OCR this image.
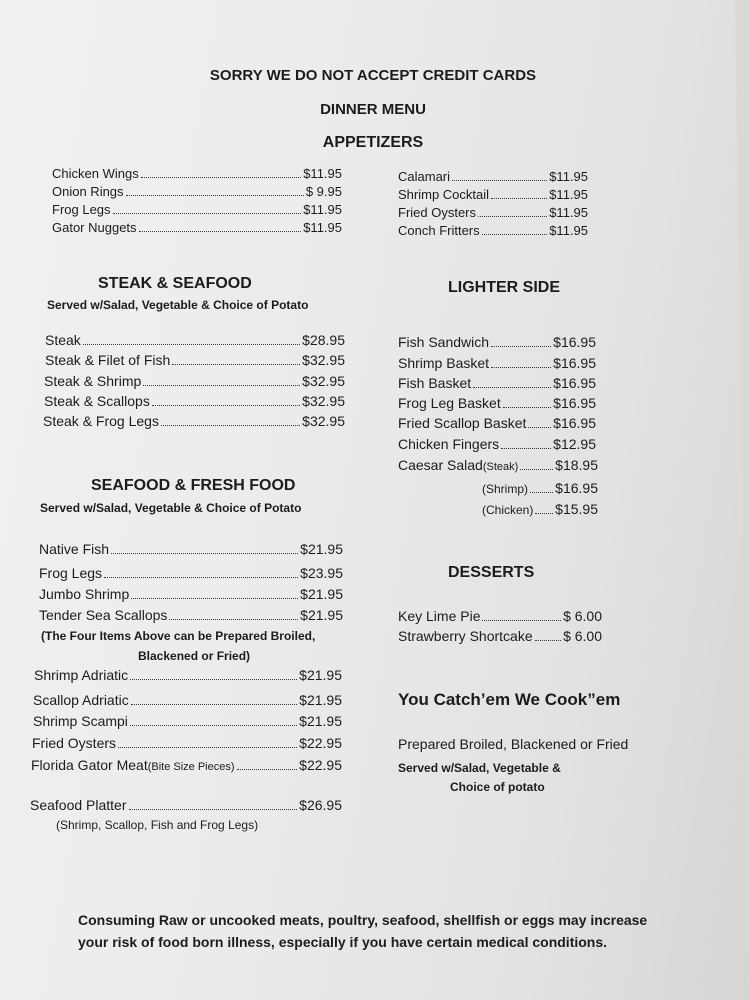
SORRY WE DO NOT ACCEPT CREDIT CARDS
DINNER MENU
APPETIZERS
Chicken Wings	$11.95
Onion Rings	$ 9.95
Frog Legs	$11.95
Gator Nuggets	$11.95
Calamari	$11.95
Shrimp Cocktail	$11.95
Fried Oysters	$11.95
Conch Fritters	$11.95
STEAK & SEAFOOD
Served w/Salad, Vegetable & Choice of Potato
Steak	$28.95
Steak & Filet of Fish	$32.95
Steak & Shrimp	$32.95
Steak & Scallops	$32.95
Steak & Frog Legs	$32.95
LIGHTER SIDE
Fish Sandwich	$16.95
Shrimp Basket	$16.95
Fish Basket	$16.95
Frog Leg Basket	$16.95
Fried Scallop Basket $16.95
Chicken Fingers	$12.95
Caesar Salad(Steak)	$18.95
(Shrimp) $16.95
(Chicken) $15.95
SEAFOOD & FRESH FOOD
Served w/Salad, Vegetable & Choice of Potato
Native Fish	$21.95
Frog Legs	$23.95
Jumbo Shrimp	$21.95
Tender Sea Scallops	$21.95
(The Four Items Above can be Prepared Broiled,
Blackened or Fried)
Shrimp Adriatic	$21.95
Scallop Adriatic	$21.95
Shrimp Scampi	$21.95
Fried Oysters	$22.95
Florida Gator Meat(Bite Size Pieces)	$22.95
Seafood Platter	$26.95
(Shrimp, Scallop, Fish and Frog Legs)
DESSERTS
Key Lime Pie	$ 6.00
Strawberry Shortcake $ 6.00
You Catch’em We Cook”em
Prepared Broiled, Blackened or Fried
Served w/Salad, Vegetable &
Choice of potato
Consuming Raw or uncooked meats, poultry, seafood, shellfish or eggs may increase
your risk of food born illness, especially if you have certain medical conditions.
